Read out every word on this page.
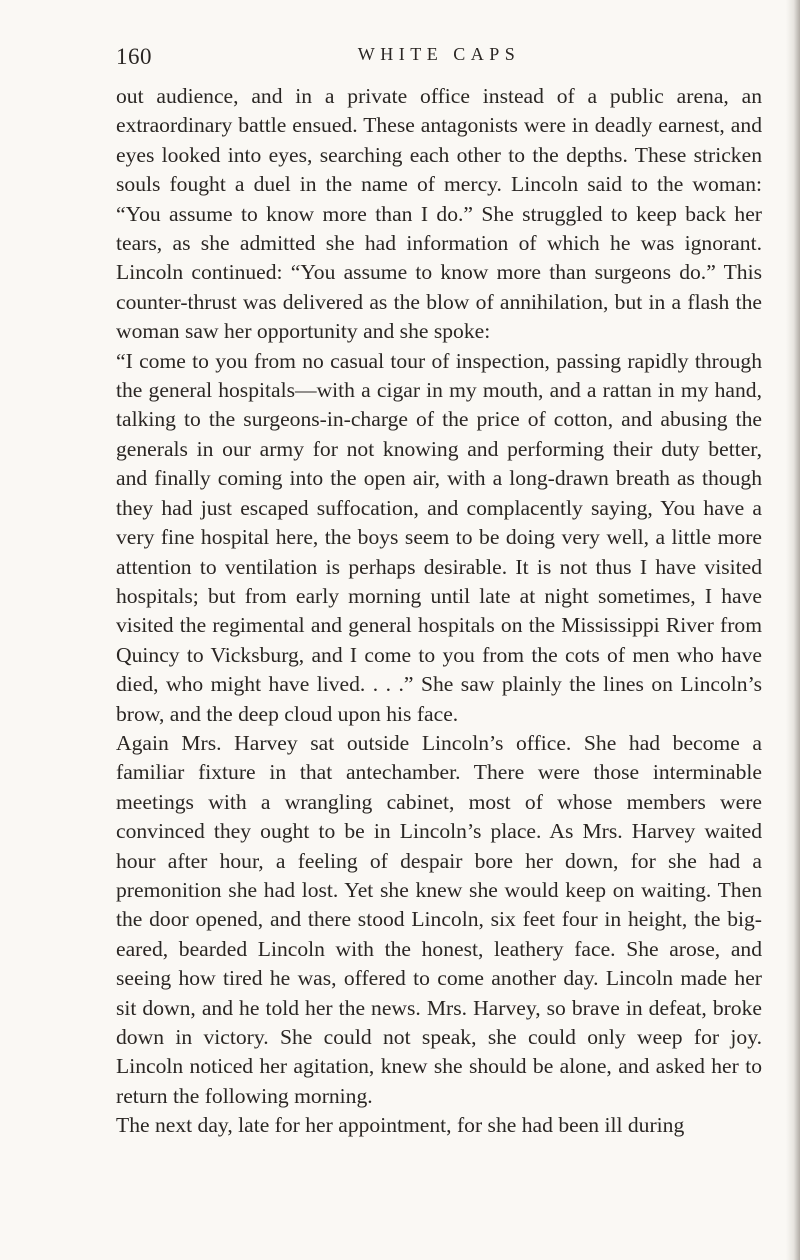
160	WHITE CAPS

out audience, and in a private office instead of a public arena, an extraordinary battle ensued. These antagonists were in deadly earnest, and eyes looked into eyes, searching each other to the depths. These stricken souls fought a duel in the name of mercy. Lincoln said to the woman: “You assume to know more than I do.” She struggled to keep back her tears, as she admitted she had information of which he was ignorant. Lincoln continued: “You assume to know more than surgeons do.” This counter-thrust was delivered as the blow of annihilation, but in a flash the woman saw her opportunity and she spoke:

“I come to you from no casual tour of inspection, passing rapidly through the general hospitals—with a cigar in my mouth, and a rattan in my hand, talking to the surgeons-in-charge of the price of cotton, and abusing the generals in our army for not knowing and performing their duty better, and finally coming into the open air, with a long-drawn breath as though they had just escaped suffocation, and complacently saying, You have a very fine hospital here, the boys seem to be doing very well, a little more attention to ventilation is perhaps desirable. It is not thus I have visited hospitals; but from early morning until late at night sometimes, I have visited the regimental and general hospitals on the Mississippi River from Quincy to Vicksburg, and I come to you from the cots of men who have died, who might have lived. . . .” She saw plainly the lines on Lincoln’s brow, and the deep cloud upon his face.

Again Mrs. Harvey sat outside Lincoln’s office. She had become a familiar fixture in that antechamber. There were those interminable meetings with a wrangling cabinet, most of whose members were convinced they ought to be in Lincoln’s place. As Mrs. Harvey waited hour after hour, a feeling of despair bore her down, for she had a premonition she had lost. Yet she knew she would keep on waiting. Then the door opened, and there stood Lincoln, six feet four in height, the big-eared, bearded Lincoln with the honest, leathery face. She arose, and seeing how tired he was, offered to come another day. Lincoln made her sit down, and he told her the news. Mrs. Harvey, so brave in defeat, broke down in victory. She could not speak, she could only weep for joy. Lincoln noticed her agitation, knew she should be alone, and asked her to return the following morning.

The next day, late for her appointment, for she had been ill during
